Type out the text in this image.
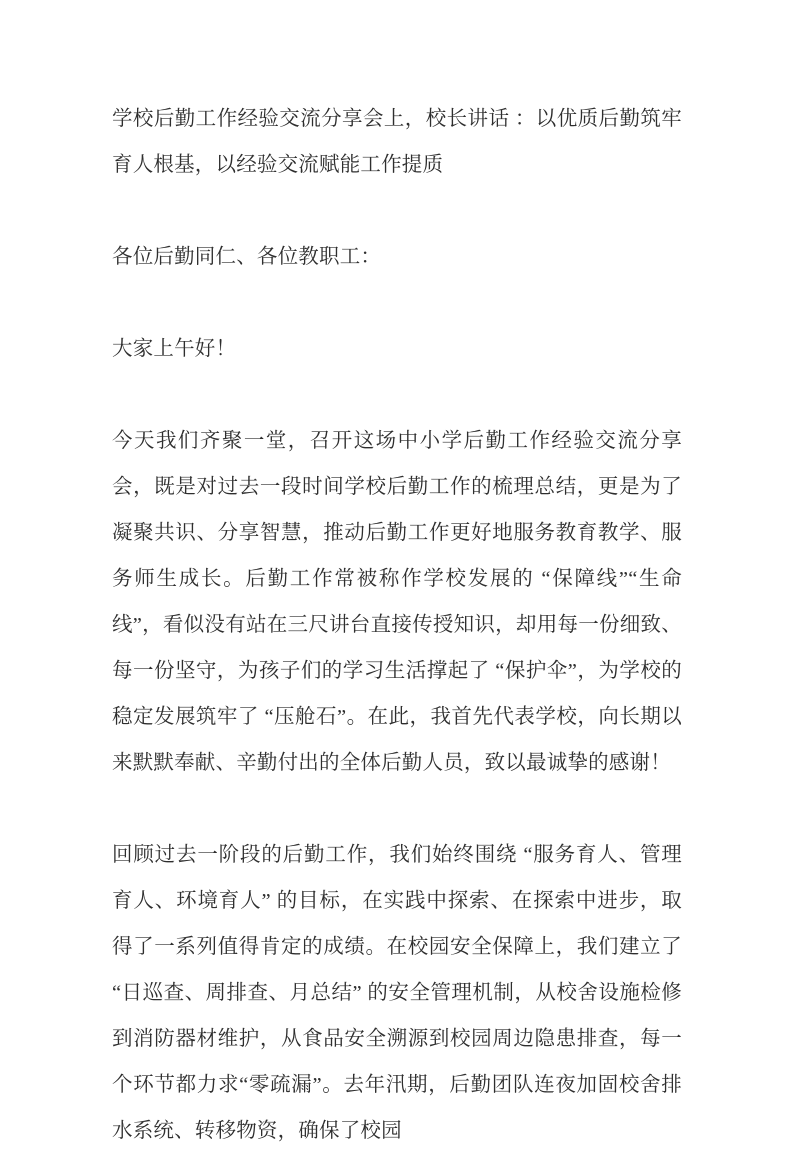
学校后勤工作经验交流分享会上，校长讲话 ：以优质后勤筑牢育人根基，以经验交流赋能工作提质

各位后勤同仁、各位教职工：

大家上午好！

今天我们齐聚一堂，召开这场中小学后勤工作经验交流分享会，既是对过去一段时间学校后勤工作的梳理总结，更是为了凝聚共识、分享智慧，推动后勤工作更好地服务教育教学、服务师生成长。后勤工作常被称作学校发展的 “保障线”“生命线”，看似没有站在三尺讲台直接传授知识，却用每一份细致、每一份坚守，为孩子们的学习生活撑起了 “保护伞”，为学校的稳定发展筑牢了 “压舱石”。在此，我首先代表学校，向长期以来默默奉献、辛勤付出的全体后勤人员，致以最诚挚的感谢！

回顾过去一阶段的后勤工作，我们始终围绕 “服务育人、管理育人、环境育人” 的目标，在实践中探索、在探索中进步，取得了一系列值得肯定的成绩。在校园安全保障上，我们建立了 “日巡查、周排查、月总结” 的安全管理机制，从校舍设施检修到消防器材维护，从食品安全溯源到校园周边隐患排查，每一个环节都力求“零疏漏”。去年汛期，后勤团队连夜加固校舍排水系统、转移物资，确保了校园
